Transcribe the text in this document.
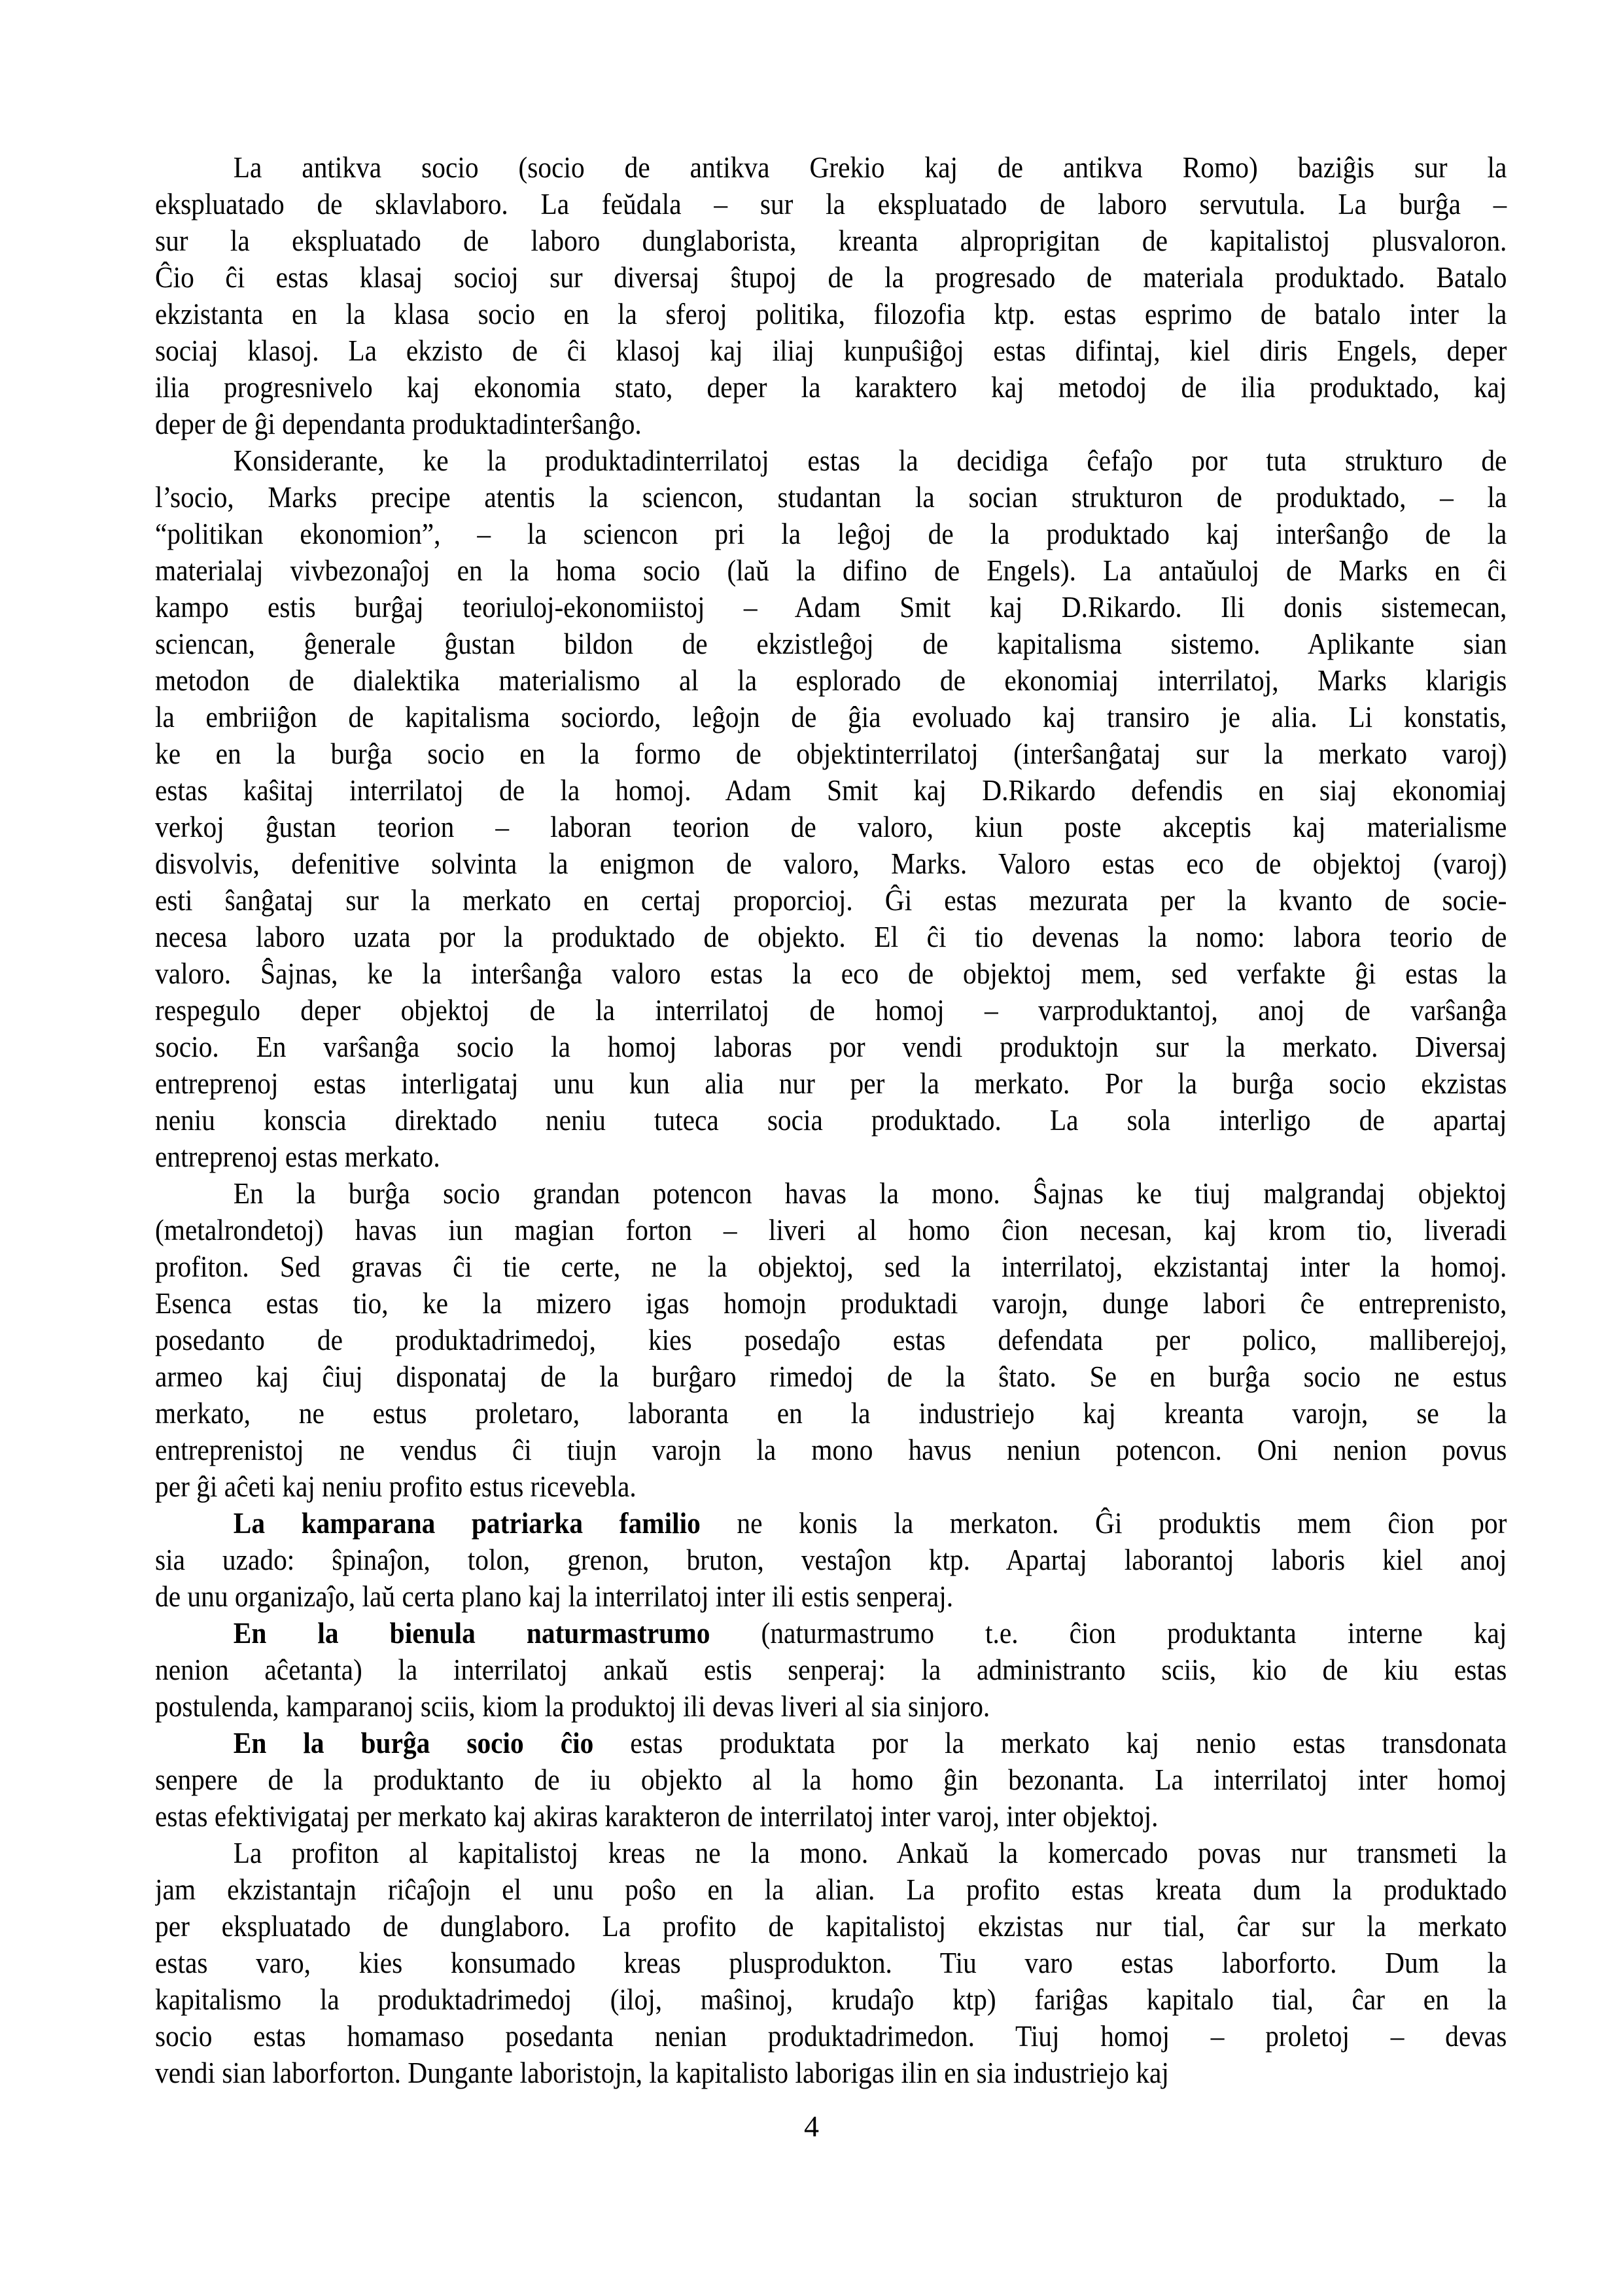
La antikva socio (socio de antikva Grekio kaj de antikva Romo) baziĝis sur la
ekspluatado de sklavlaboro. La feŭdala – sur la ekspluatado de laboro servutula. La burĝa –
sur la ekspluatado de laboro dunglaborista, kreanta alproprigitan de kapitalistoj plusvaloron.
Ĉio ĉi estas klasaj socioj sur diversaj ŝtupoj de la progresado de materiala produktado. Batalo
ekzistanta en la klasa socio en la sferoj politika, filozofia ktp. estas esprimo de batalo inter la
sociaj klasoj. La ekzisto de ĉi klasoj kaj iliaj kunpuŝiĝoj estas difintaj, kiel diris Engels, deper
ilia progresnivelo kaj ekonomia stato, deper la karaktero kaj metodoj de ilia produktado, kaj
deper de ĝi dependanta produktadinterŝanĝo.
Konsiderante, ke la produktadinterrilatoj estas la decidiga ĉefaĵo por tuta strukturo de
l’socio, Marks precipe atentis la sciencon, studantan la socian strukturon de produktado, – la
“politikan ekonomion”, – la sciencon pri la leĝoj de la produktado kaj interŝanĝo de la
materialaj vivbezonaĵoj en la homa socio (laŭ la difino de Engels). La antaŭuloj de Marks en ĉi
kampo estis burĝaj teoriuloj-ekonomiistoj – Adam Smit kaj D.Rikardo. Ili donis sistemecan,
sciencan, ĝenerale ĝustan bildon de ekzistleĝoj de kapitalisma sistemo. Aplikante sian
metodon de dialektika materialismo al la esplorado de ekonomiaj interrilatoj, Marks klarigis
la embriiĝon de kapitalisma sociordo, leĝojn de ĝia evoluado kaj transiro je alia. Li konstatis,
ke en la burĝa socio en la formo de objektinterrilatoj (interŝanĝataj sur la merkato varoj)
estas kaŝitaj interrilatoj de la homoj. Adam Smit kaj D.Rikardo defendis en siaj ekonomiaj
verkoj ĝustan teorion – laboran teorion de valoro, kiun poste akceptis kaj materialisme
disvolvis, defenitive solvinta la enigmon de valoro, Marks. Valoro estas eco de objektoj (varoj)
esti ŝanĝataj sur la merkato en certaj proporcioj. Ĝi estas mezurata per la kvanto de socie-
necesa laboro uzata por la produktado de objekto. El ĉi tio devenas la nomo: labora teorio de
valoro. Ŝajnas, ke la interŝanĝa valoro estas la eco de objektoj mem, sed verfakte ĝi estas la
respegulo deper objektoj de la interrilatoj de homoj – varproduktantoj, anoj de varŝanĝa
socio. En varŝanĝa socio la homoj laboras por vendi produktojn sur la merkato. Diversaj
entreprenoj estas interligataj unu kun alia nur per la merkato. Por la burĝa socio ekzistas
neniu konscia direktado neniu tuteca socia produktado. La sola interligo de apartaj
entreprenoj estas merkato.
En la burĝa socio grandan potencon havas la mono. Ŝajnas ke tiuj malgrandaj objektoj
(metalrondetoj) havas iun magian forton – liveri al homo ĉion necesan, kaj krom tio, liveradi
profiton. Sed gravas ĉi tie certe, ne la objektoj, sed la interrilatoj, ekzistantaj inter la homoj.
Esenca estas tio, ke la mizero igas homojn produktadi varojn, dunge labori ĉe entreprenisto,
posedanto de produktadrimedoj, kies posedaĵo estas defendata per polico, malliberejoj,
armeo kaj ĉiuj disponataj de la burĝaro rimedoj de la ŝtato. Se en burĝa socio ne estus
merkato, ne estus proletaro, laboranta en la industriejo kaj kreanta varojn, se la
entreprenistoj ne vendus ĉi tiujn varojn la mono havus neniun potencon. Oni nenion povus
per ĝi aĉeti kaj neniu profito estus ricevebla.
La kamparana patriarka familio ne konis la merkaton. Ĝi produktis mem ĉion por
sia uzado: ŝpinaĵon, tolon, grenon, bruton, vestaĵon ktp. Apartaj laborantoj laboris kiel anoj
de unu organizaĵo, laŭ certa plano kaj la interrilatoj inter ili estis senperaj.
En la bienula naturmastrumo (naturmastrumo t.e. ĉion produktanta interne kaj
nenion aĉetanta) la interrilatoj ankaŭ estis senperaj: la administranto sciis, kio de kiu estas
postulenda, kamparanoj sciis, kiom la produktoj ili devas liveri al sia sinjoro.
En la burĝa socio ĉio estas produktata por la merkato kaj nenio estas transdonata
senpere de la produktanto de iu objekto al la homo ĝin bezonanta. La interrilatoj inter homoj
estas efektivigataj per merkato kaj akiras karakteron de interrilatoj inter varoj, inter objektoj.
La profiton al kapitalistoj kreas ne la mono. Ankaŭ la komercado povas nur transmeti la
jam ekzistantajn riĉaĵojn el unu poŝo en la alian. La profito estas kreata dum la produktado
per ekspluatado de dunglaboro. La profito de kapitalistoj ekzistas nur tial, ĉar sur la merkato
estas varo, kies konsumado kreas plusprodukton. Tiu varo estas laborforto. Dum la
kapitalismo la produktadrimedoj (iloj, maŝinoj, krudaĵo ktp) fariĝas kapitalo tial, ĉar en la
socio estas homamaso posedanta nenian produktadrimedon. Tiuj homoj – proletoj – devas
vendi sian laborforton. Dungante laboristojn, la kapitalisto laborigas ilin en sia industriejo kaj
4
